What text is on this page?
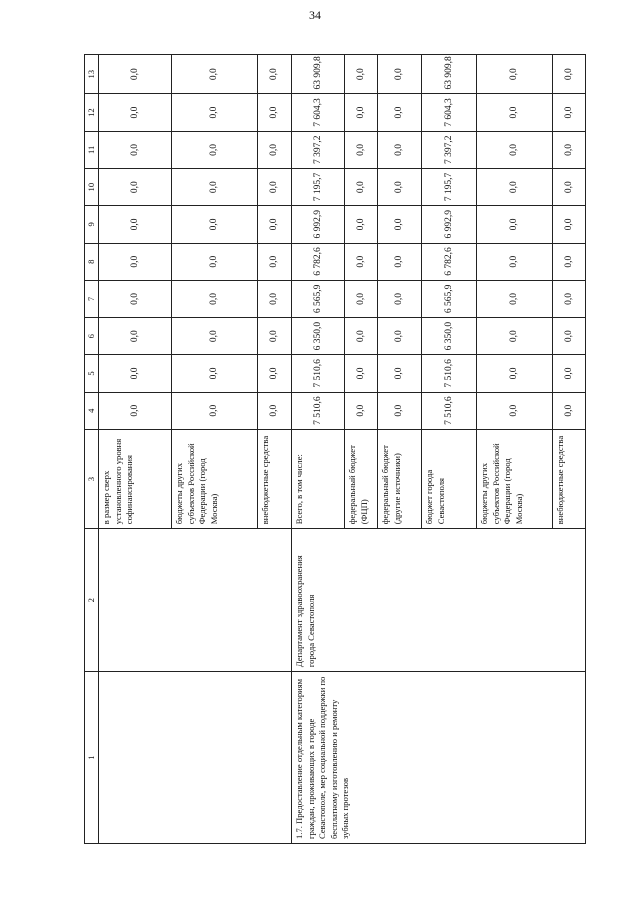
34
1	2	3	4	5	6	7	8	9	10	11	12	13
		в размер сверх установленного уровня софинансирования	0,0	0,0	0,0	0,0	0,0	0,0	0,0	0,0	0,0	0,0
		бюджеты других субъектов Российской Федерации (город Москва)	0,0	0,0	0,0	0,0	0,0	0,0	0,0	0,0	0,0	0,0
		внебюджетные средства	0,0	0,0	0,0	0,0	0,0	0,0	0,0	0,0	0,0	0,0
1.7. Предоставление отдельным категориям граждан, проживающих в городе Севастополе, мер социальной поддержки по бесплатному изготовлению и ремонту зубных протезов	Департамент здравоохранения города Севастополя	Всего, в том числе:	7 510,6	7 510,6	6 350,0	6 565,9	6 782,6	6 992,9	7 195,7	7 397,2	7 604,3	63 909,8
		федеральный бюджет (ФЦП)	0,0	0,0	0,0	0,0	0,0	0,0	0,0	0,0	0,0	0,0
		федеральный бюджет (другие источники)	0,0	0,0	0,0	0,0	0,0	0,0	0,0	0,0	0,0	0,0
		бюджет города Севастополя	7 510,6	7 510,6	6 350,0	6 565,9	6 782,6	6 992,9	7 195,7	7 397,2	7 604,3	63 909,8
		бюджеты других субъектов Российской Федерации (город Москва)	0,0	0,0	0,0	0,0	0,0	0,0	0,0	0,0	0,0	0,0
		внебюджетные средства	0,0	0,0	0,0	0,0	0,0	0,0	0,0	0,0	0,0	0,0
